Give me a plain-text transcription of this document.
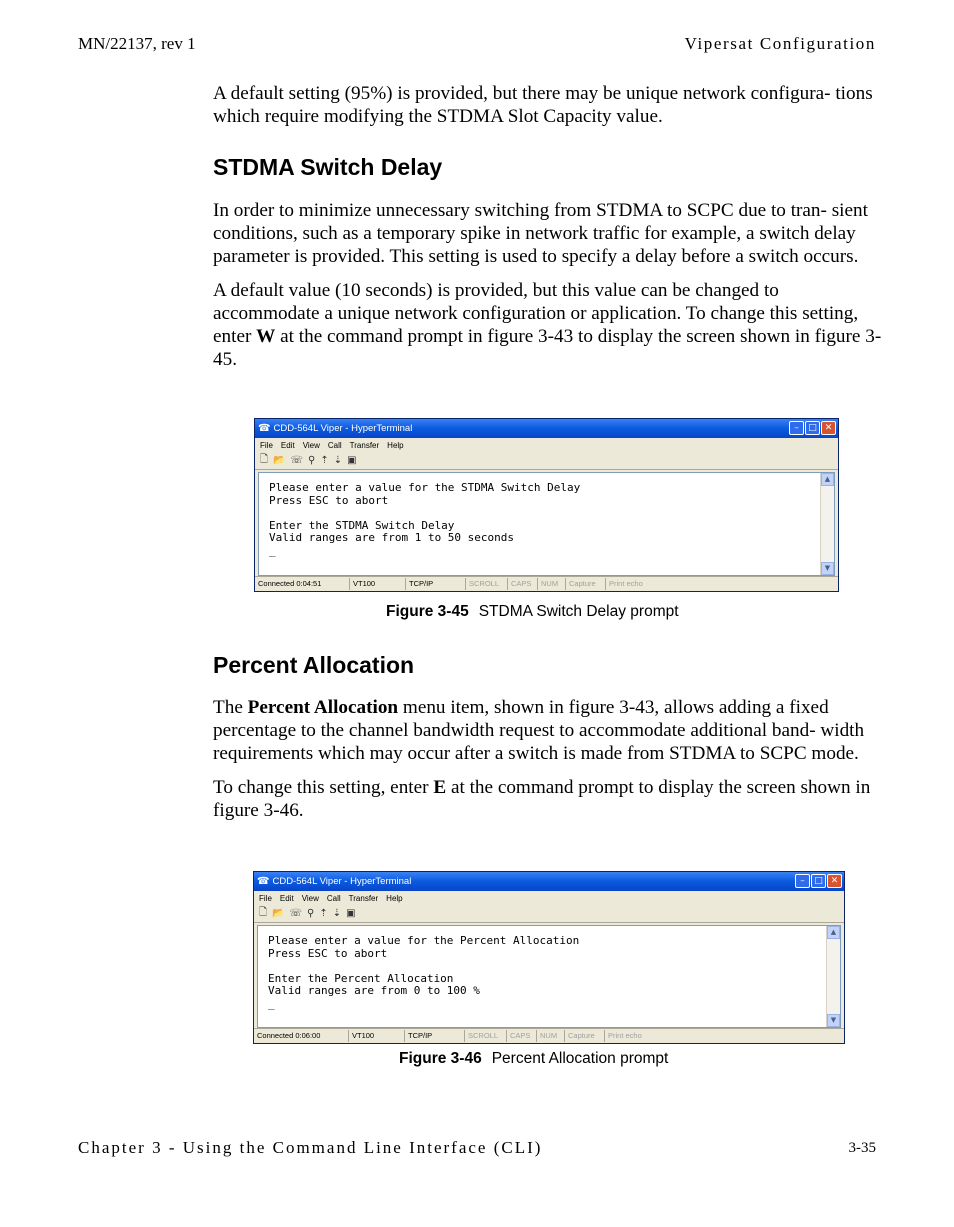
MN/22137, rev 1	Vipersat Configuration

A default setting (95%) is provided, but there may be unique network configura- tions which require modifying the STDMA Slot Capacity value.

STDMA Switch Delay

In order to minimize unnecessary switching from STDMA to SCPC due to tran- sient conditions, such as a temporary spike in network traffic for example, a switch delay parameter is provided. This setting is used to specify a delay before a switch occurs.

A default value (10 seconds) is provided, but this value can be changed to accommodate a unique network configuration or application. To change this setting, enter W at the command prompt in figure 3-43 to display the screen shown in figure 3-45.

☎ CDD-564L Viper - HyperTerminal	–	□ ✕
File Edit View Call Transfer Help
🗋 📂 ☏ ⚲ ⇡ ⇣ ▣
Please enter a value for the STDMA Switch Delay
Press ESC to abort

Enter the STDMA Switch Delay
Valid ranges are from 1 to 50 seconds
_
▲
▼
Connected 0:04:51	VT100	TCP/IP	SCROLL	CAPS	NUM	Capture	Print echo
Figure 3-45 STDMA Switch Delay prompt
Percent Allocation

The Percent Allocation menu item, shown in figure 3-43, allows adding a fixed percentage to the channel bandwidth request to accommodate additional band- width requirements which may occur after a switch is made from STDMA to SCPC mode.

To change this setting, enter E at the command prompt to display the screen shown in figure 3-46.

☎ CDD-564L Viper - HyperTerminal	–	□ ✕
File Edit View Call Transfer Help
🗋 📂 ☏ ⚲ ⇡ ⇣ ▣
Please enter a value for the Percent Allocation
Press ESC to abort

Enter the Percent Allocation
Valid ranges are from 0 to 100 %
_
▲
▼
Connected 0:06:00	VT100	TCP/IP	SCROLL	CAPS	NUM	Capture	Print echo
Figure 3-46 Percent Allocation prompt
Chapter 3 - Using the Command Line Interface (CLI)	3-35
